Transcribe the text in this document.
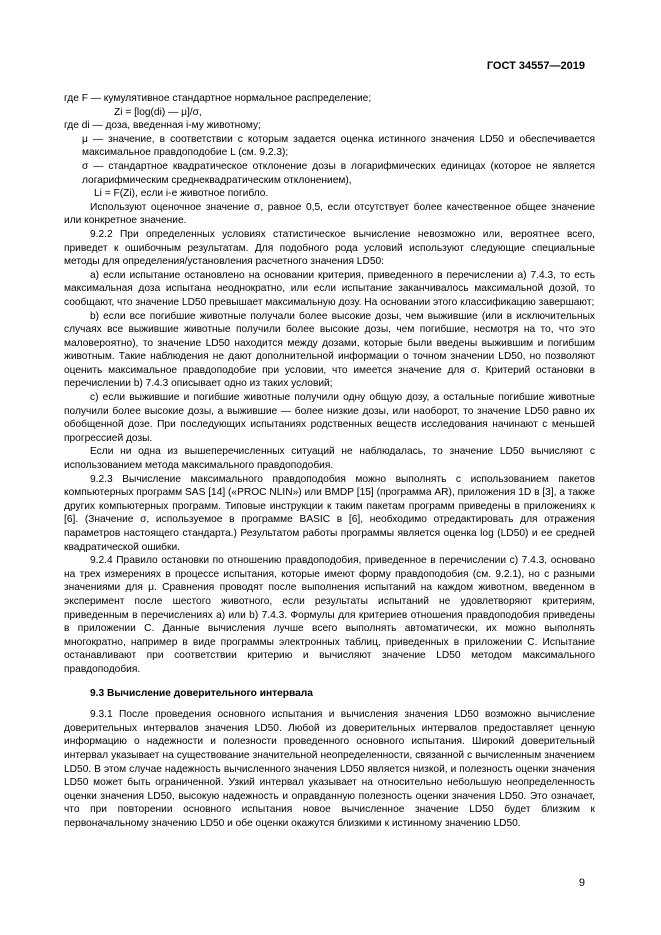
ГОСТ 34557—2019

где F — кумулятивное стандартное нормальное распределение;

Zi = [log(di) — μ]/σ,

где di — доза, введенная i-му животному;

μ — значение, в соответствии с которым задается оценка истинного значения LD50 и обеспечивается максимальное правдоподобие L (см. 9.2.3);

σ — стандартное квадратическое отклонение дозы в логарифмических единицах (которое не является логарифмическим среднеквадратическим отклонением),

Li = F(Zi), если i-е животное погибло.

Используют оценочное значение σ, равное 0,5, если отсутствует более качественное общее значение или конкретное значение.

9.2.2 При определенных условиях статистическое вычисление невозможно или, вероятнее всего, приведет к ошибочным результатам. Для подобного рода условий используют следующие специальные методы для определения/установления расчетного значения LD50:

а) если испытание остановлено на основании критерия, приведенного в перечислении а) 7.4.3, то есть максимальная доза испытана неоднократно, или если испытание заканчивалось максимальной дозой, то сообщают, что значение LD50 превышает максимальную дозу. На основании этого классификацию завершают;

b) если все погибшие животные получали более высокие дозы, чем выжившие (или в исключительных случаях все выжившие животные получили более высокие дозы, чем погибшие, несмотря на то, что это маловероятно), то значение LD50 находится между дозами, которые были введены выжившим и погибшим животным. Такие наблюдения не дают дополнительной информации о точном значении LD50, но позволяют оценить максимальное правдоподобие при условии, что имеется значение для σ. Критерий остановки в перечислении b) 7.4.3 описывает одно из таких условий;

с) если выжившие и погибшие животные получили одну общую дозу, а остальные погибшие животные получили более высокие дозы, а выжившие — более низкие дозы, или наоборот, то значение LD50 равно их обобщенной дозе. При последующих испытаниях родственных веществ исследования начинают с меньшей прогрессией дозы.

Если ни одна из вышеперечисленных ситуаций не наблюдалась, то значение LD50 вычисляют с использованием метода максимального правдоподобия.

9.2.3 Вычисление максимального правдоподобия можно выполнять с использованием пакетов компьютерных программ SAS [14] («PROC NLIN») или BMDP [15] (программа AR), приложения 1D в [3], а также других компьютерных программ. Типовые инструкции к таким пакетам программ приведены в приложениях к [6]. (Значение σ, используемое в программе BASIC в [6], необходимо отредактировать для отражения параметров настоящего стандарта.) Результатом работы программы является оценка log (LD50) и ее средней квадратической ошибки.

9.2.4 Правило остановки по отношению правдоподобия, приведенное в перечислении с) 7.4.3, основано на трех измерениях в процессе испытания, которые имеют форму правдоподобия (см. 9.2.1), но с разными значениями для μ. Сравнения проводят после выполнения испытаний на каждом животном, введенном в эксперимент после шестого животного, если результаты испытаний не удовлетворяют критериям, приведенным в перечислениях а) или b) 7.4.3. Формулы для критериев отношения правдоподобия приведены в приложении С. Данные вычисления лучше всего выполнять автоматически, их можно выполнять многократно, например в виде программы электронных таблиц, приведенных в приложении С. Испытание останавливают при соответствии критерию и вычисляют значение LD50 методом максимального правдоподобия.

9.3 Вычисление доверительного интервала

9.3.1 После проведения основного испытания и вычисления значения LD50 возможно вычисление доверительных интервалов значения LD50. Любой из доверительных интервалов предоставляет ценную информацию о надежности и полезности проведенного основного испытания. Широкий доверительный интервал указывает на существование значительной неопределенности, связанной с вычисленным значением LD50. В этом случае надежность вычисленного значения LD50 является низкой, и полезность оценки значения LD50 может быть ограниченной. Узкий интервал указывает на относительно небольшую неопределенность оценки значения LD50, высокую надежность и оправданную полезность оценки значения LD50. Это означает, что при повторении основного испытания новое вычисленное значение LD50 будет близким к первоначальному значению LD50 и обе оценки окажутся близкими к истинному значению LD50.

9
